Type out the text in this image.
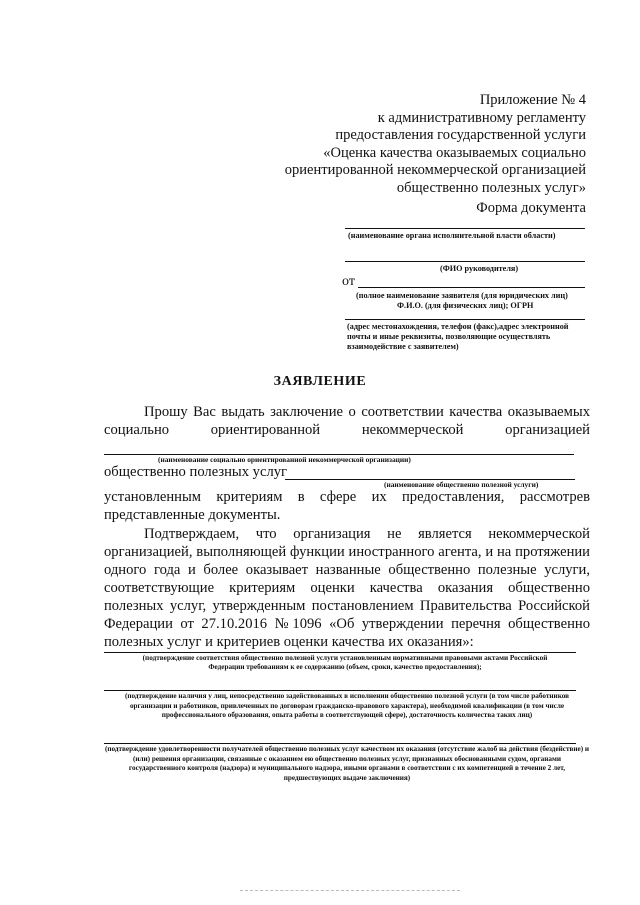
Приложение № 4
к административному регламенту
предоставления государственной услуги
«Оценка качества оказываемых социально
ориентированной некоммерческой организацией
общественно полезных услуг»
Форма документа
(наименование органа исполнительной власти области)
(ФИО руководителя)
от
(полное наименование заявителя (для юридических лиц)
Ф.И.О. (для физических лиц); ОГРН
(адрес местонахождения, телефон (факс),адрес электронной
почты и иные реквизиты, позволяющие осуществлять
взаимодействие с заявителем)
ЗАЯВЛЕНИЕ
Прошу Вас выдать заключение о соответствии качества оказываемых
социально ориентированной некоммерческой организацией
(наименование социально ориентированной некоммерческой организации)
общественно полезных услуг
(наименование общественно полезной услуги)
установленным критериям в сфере их предоставления, рассмотрев
представленные документы.
Подтверждаем, что организация не является некоммерческой
организацией, выполняющей функции иностранного агента, и на протяжении
одного года и более оказывает названные общественно полезные услуги,
соответствующие критериям оценки качества оказания общественно
полезных услуг, утвержденным постановлением Правительства Российской
Федерации от 27.10.2016 №1096 «Об утверждении перечня общественно
полезных услуг и критериев оценки качества их оказания»:
(подтверждение соответствия общественно полезной услуги установленным нормативными правовыми актами Российской Федерации требованиям к ее содержанию (объем, сроки, качество предоставления);
(подтверждение наличия у лиц, непосредственно задействованных в исполнении общественно полезной услуги (в том числе работников организации и работников, привлеченных по договорам гражданско-правового характера), необходимой квалификации (в том числе профессионального образования, опыта работы в соответствующей сфере), достаточность количества таких лиц)
(подтверждение удовлетворенности получателей общественно полезных услуг качеством их оказания (отсутствие жалоб на действия (бездействие) и (или) решения организации, связанные с оказанием ею общественно полезных услуг, признанных обоснованными судом, органами государственного контроля (надзора) и муниципального надзора, иными органами в соответствии с их компетенцией в течение 2 лет, предшествующих выдаче заключения)
